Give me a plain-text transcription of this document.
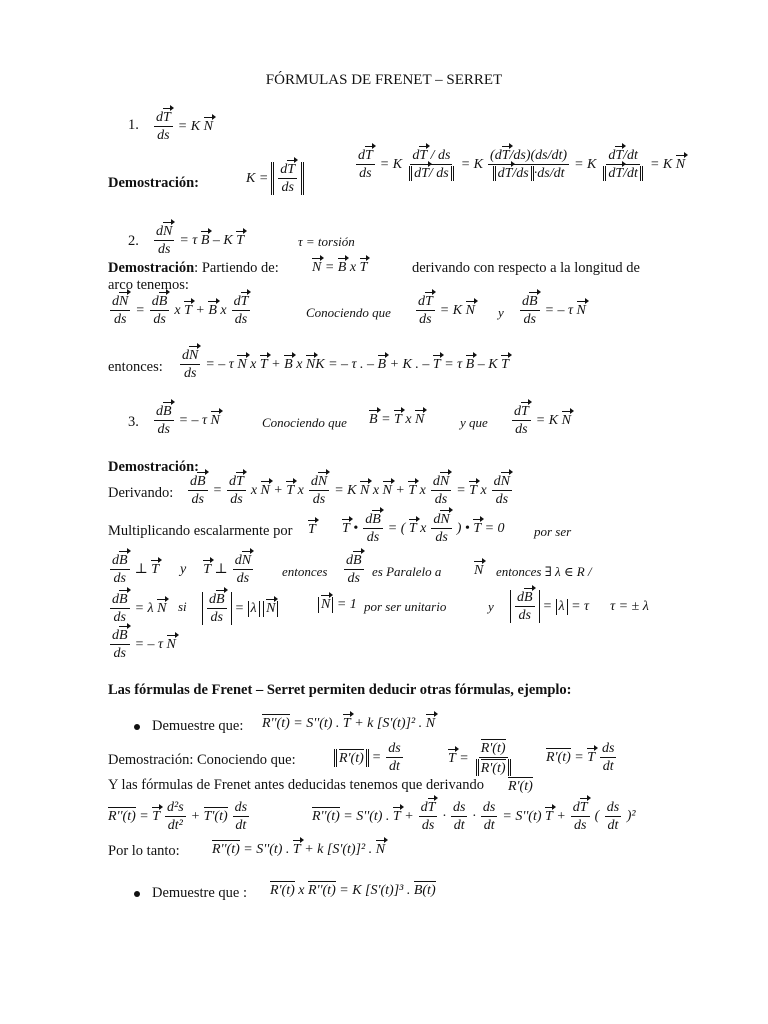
FÓRMULAS DE FRENET – SERRET
1. $\frac{dT}{ds} = K$ N
Demostración:	$K = \frac{dT}{ds}$	$\frac{dT}{ds} = K \frac{dT / ds}{\text{d T / ds}} = K \frac{(dT/ds)(ds/dt)}{\text{d T /ds ·ds/dt}} = K \frac{dT/dt}{\text{d T /dt}} = K$ N
2. $\frac{dN}{ds} = \tau$ B – K T	τ = torsión
Demostración: Partiendo de: N = B x T	derivando con respecto a la longitud de
arco tenemos:
$\frac{dN}{ds} = \frac{dB}{ds}$ x T + B x $\frac{dT}{ds}$	Conociendo que $\frac{dT}{ds} = K$ N y $\frac{dB}{ds}$ = – τ N
entonces: $\frac{dN}{ds}$ = – τ N x T + B x NK = – τ . – B + K . – T = τ B – K T
3. $\frac{dB}{ds}$ = – τ N	Conociendo que B = T x N	y que $\frac{dT}{ds} = K$ N
Demostración:
Derivando: $\frac{dB}{ds} = \frac{dT}{ds}$ x N + T x $\frac{dN}{ds} = K$ N x N + T x $\frac{dN}{ds} = T$ x $\frac{dN}{ds}$
Multiplicando escalarmente por T T • $\frac{dB}{ds}$ = ( T x $\frac{dN}{ds}$ ) • T = 0 por ser
$\frac{dB}{ds}$ ⊥ T y T ⊥ $\frac{dN}{ds}$ entonces $\frac{dB}{ds}$ es Paralelo a N entonces ∃ λ ∈ R /
$\frac{dB}{ds} = \lambda$ N si $\frac{dB}{ds} = \lambda$ N	N = 1 por ser unitario	y $\frac{dB}{ds} = \lambda = \tau$ τ = ± λ
$\frac{dB}{ds}$ = – τ N
Las fórmulas de Frenet – Serret permiten deducir otras fórmulas, ejemplo:
Demuestre que: R''(t) = S''(t) . T + k [S'(t)]² . N
Demostración: Conociendo que:	$R'(t) = \frac{ds}{dt}$	$T = \frac{R'(t)}{R'(t)} R'(t) = T \frac{ds}{dt}$
Y las fórmulas de Frenet antes deducidas tenemos que derivando R'(t)
R''(t) = T $\frac{\text{d²s}}{\text{dt²}} + T'(t) \frac{ds}{dt}$	R''(t) = S''(t) . $T + \frac{dT}{ds} \cdot \frac{ds}{dt} \cdot \frac{ds}{dt} = S''(t) T + \frac{dT}{ds}$ ( $\frac{ds}{dt} )^2$
Por lo tanto: R''(t) = S''(t) . T + k [S'(t)]² . N
Demuestre que : R'(t) x R''(t) = K [S'(t)]³ . B(t)
